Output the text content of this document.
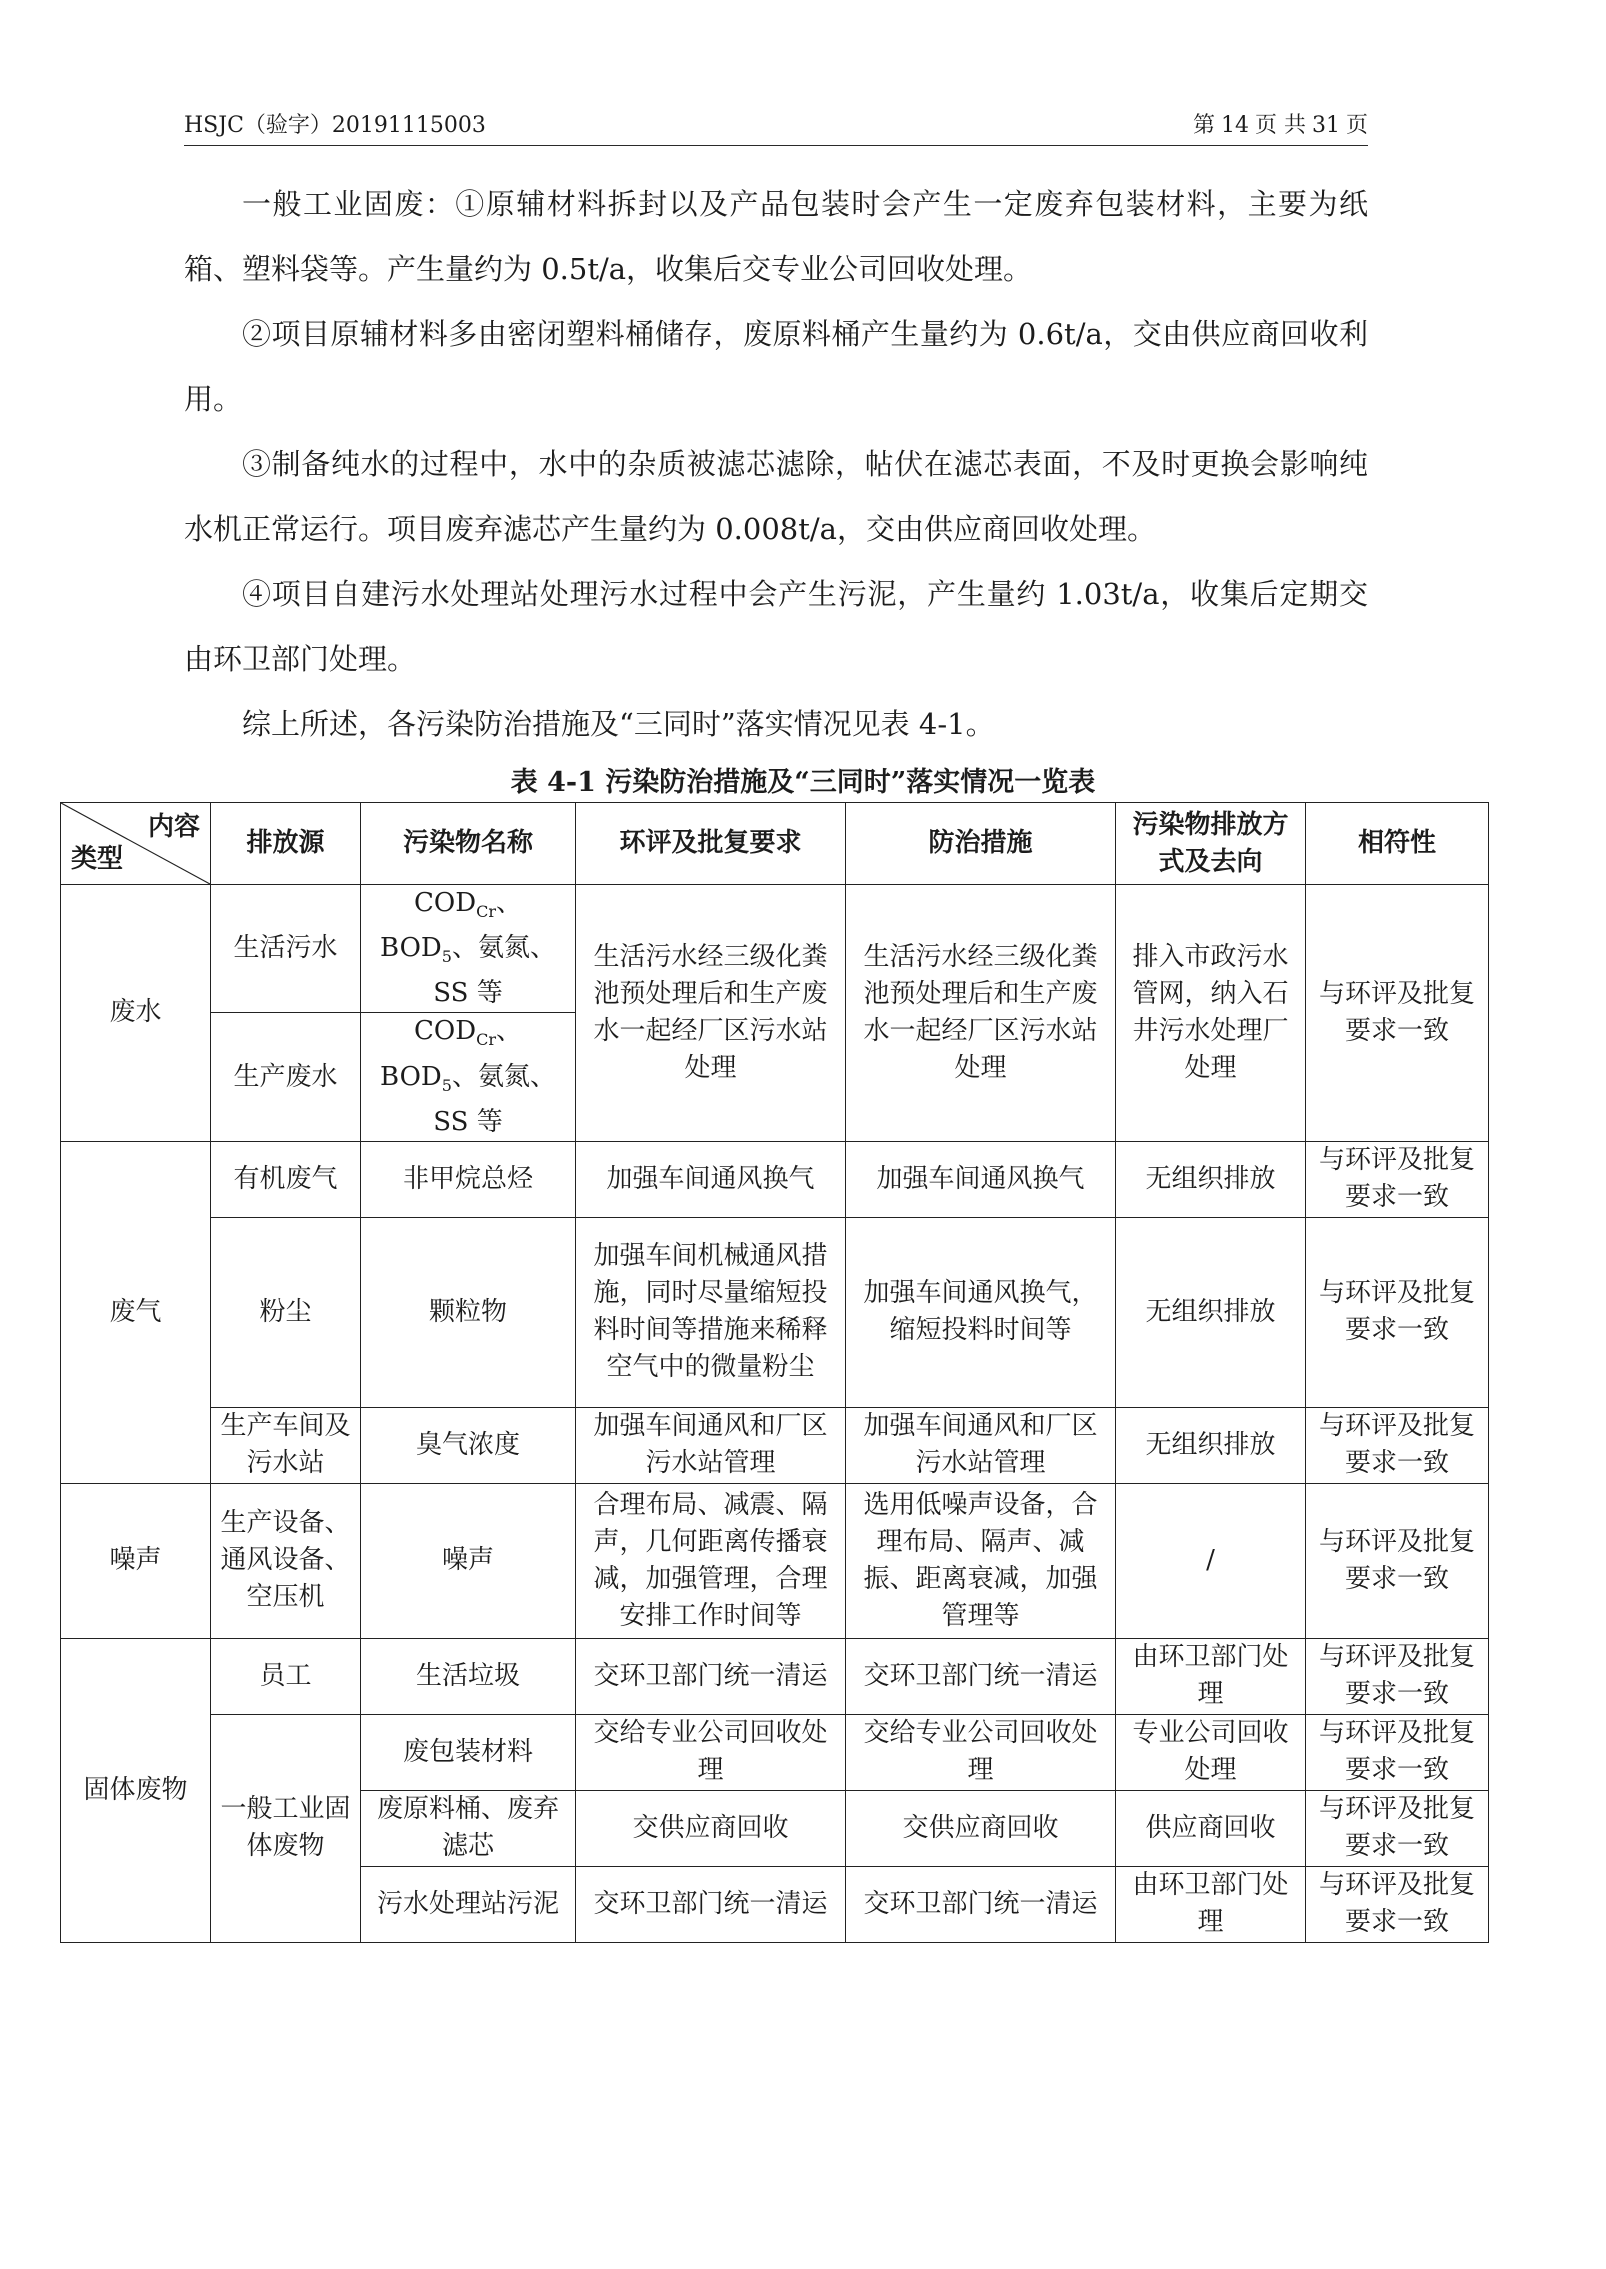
HSJC（验字）20191115003	第 14 页 共 31 页

一般工业固废：①原辅材料拆封以及产品包装时会产生一定废弃包装材料，主要为纸箱、塑料袋等。产生量约为 0.5t/a，收集后交专业公司回收处理。

②项目原辅材料多由密闭塑料桶储存，废原料桶产生量约为 0.6t/a，交由供应商回收利用。

③制备纯水的过程中，水中的杂质被滤芯滤除，帖伏在滤芯表面，不及时更换会影响纯水机正常运行。项目废弃滤芯产生量约为 0.008t/a，交由供应商回收处理。

④项目自建污水处理站处理污水过程中会产生污泥，产生量约 1.03t/a，收集后定期交由环卫部门处理。

综上所述，各污染防治措施及“三同时”落实情况见表 4-1。

表 4-1 污染防治措施及“三同时”落实情况一览表
内容
类型	排放源	污染物名称	环评及批复要求	防治措施	污染物排放方式及去向	相符性
废水	生活污水	$COD_{Cr}$、$BOD_5$、氨氮、SS 等	生活污水经三级化粪池预处理后和生产废水一起经厂区污水站处理	生活污水经三级化粪池预处理后和生产废水一起经厂区污水站处理	排入市政污水管网，纳入石井污水处理厂处理	与环评及批复要求一致
	生产废水	$COD_{Cr}$、$BOD_5$、氨氮、SS 等				
废气	有机废气	非甲烷总烃	加强车间通风换气	加强车间通风换气	无组织排放	与环评及批复要求一致
	粉尘	颗粒物	加强车间机械通风措施，同时尽量缩短投料时间等措施来稀释空气中的微量粉尘	加强车间通风换气，缩短投料时间等	无组织排放	与环评及批复要求一致
	生产车间及污水站	臭气浓度	加强车间通风和厂区污水站管理	加强车间通风和厂区污水站管理	无组织排放	与环评及批复要求一致
噪声	生产设备、通风设备、空压机	噪声	合理布局、减震、隔声，几何距离传播衰减，加强管理，合理安排工作时间等	选用低噪声设备，合理布局、隔声、减振、距离衰减，加强管理等	/	与环评及批复要求一致
固体废物	员工	生活垃圾	交环卫部门统一清运	交环卫部门统一清运	由环卫部门处理	与环评及批复要求一致
	一般工业固体废物	废包装材料	交给专业公司回收处理	交给专业公司回收处理	专业公司回收处理	与环评及批复要求一致
		废原料桶、废弃滤芯	交供应商回收	交供应商回收	供应商回收	与环评及批复要求一致
		污水处理站污泥	交环卫部门统一清运	交环卫部门统一清运	由环卫部门处理	与环评及批复要求一致
